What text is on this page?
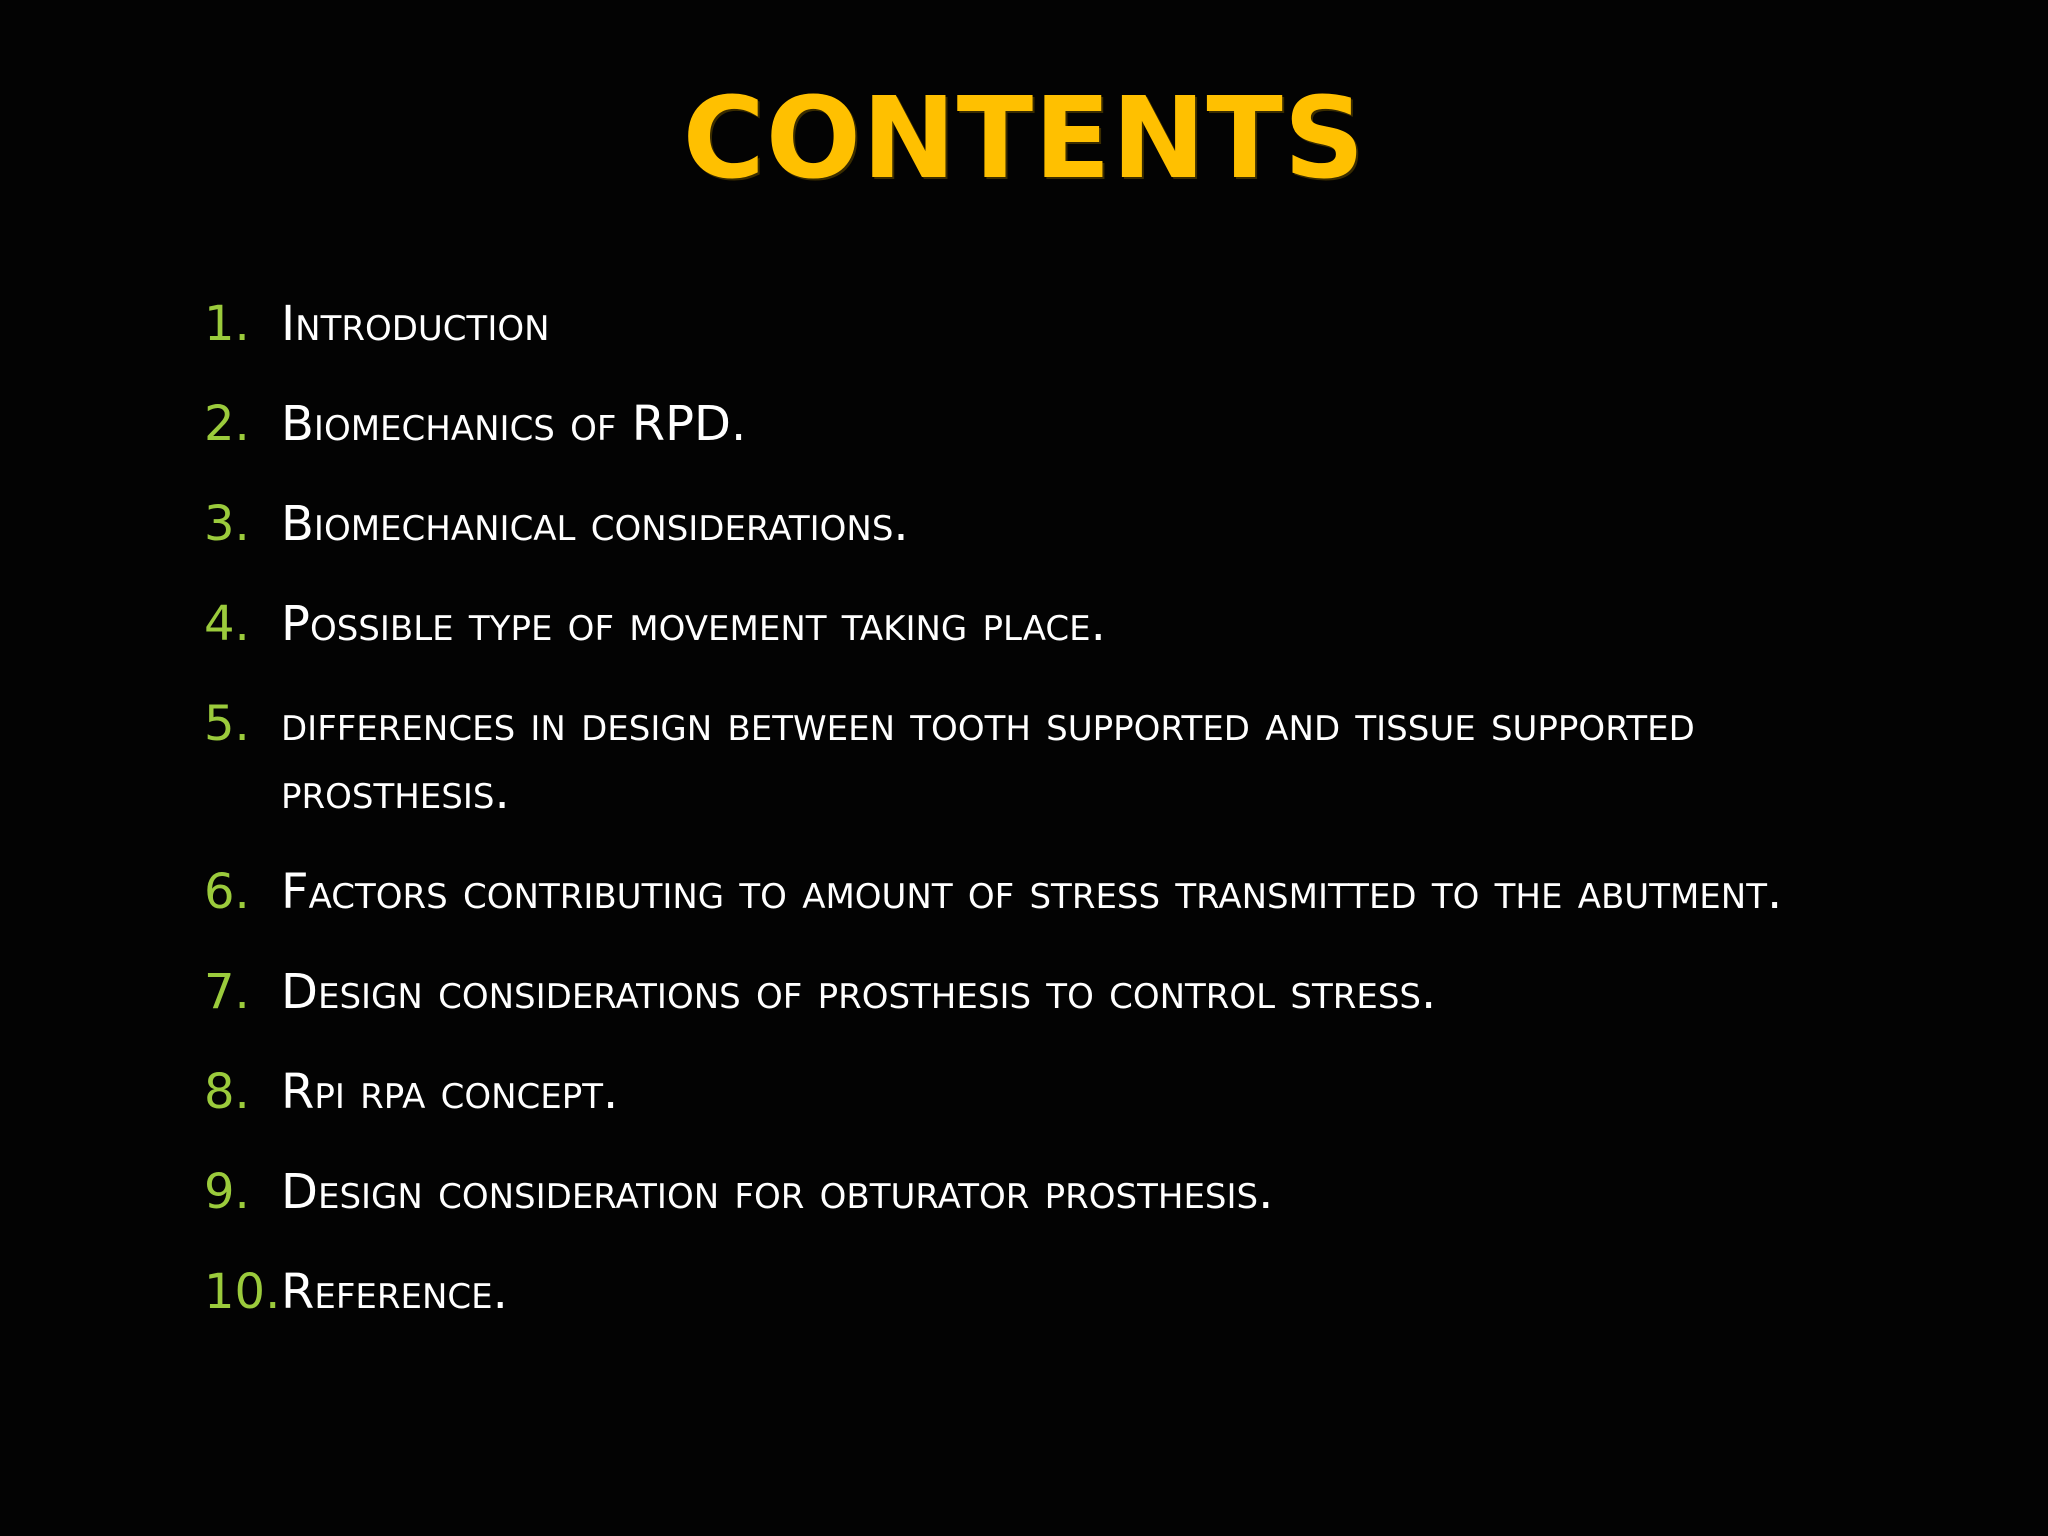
CONTENTS
1. Introduction
2. Biomechanics of RPD.
3. Biomechanical considerations.
4. Possible type of movement taking place.
5. differences in design between tooth supported and tissue supported prosthesis.
6. Factors contributing to amount of stress transmitted to the abutment.
7. Design considerations of prosthesis to control stress.
8. Rpi rpa concept.
9. Design consideration for obturator prosthesis.
10. Reference.
